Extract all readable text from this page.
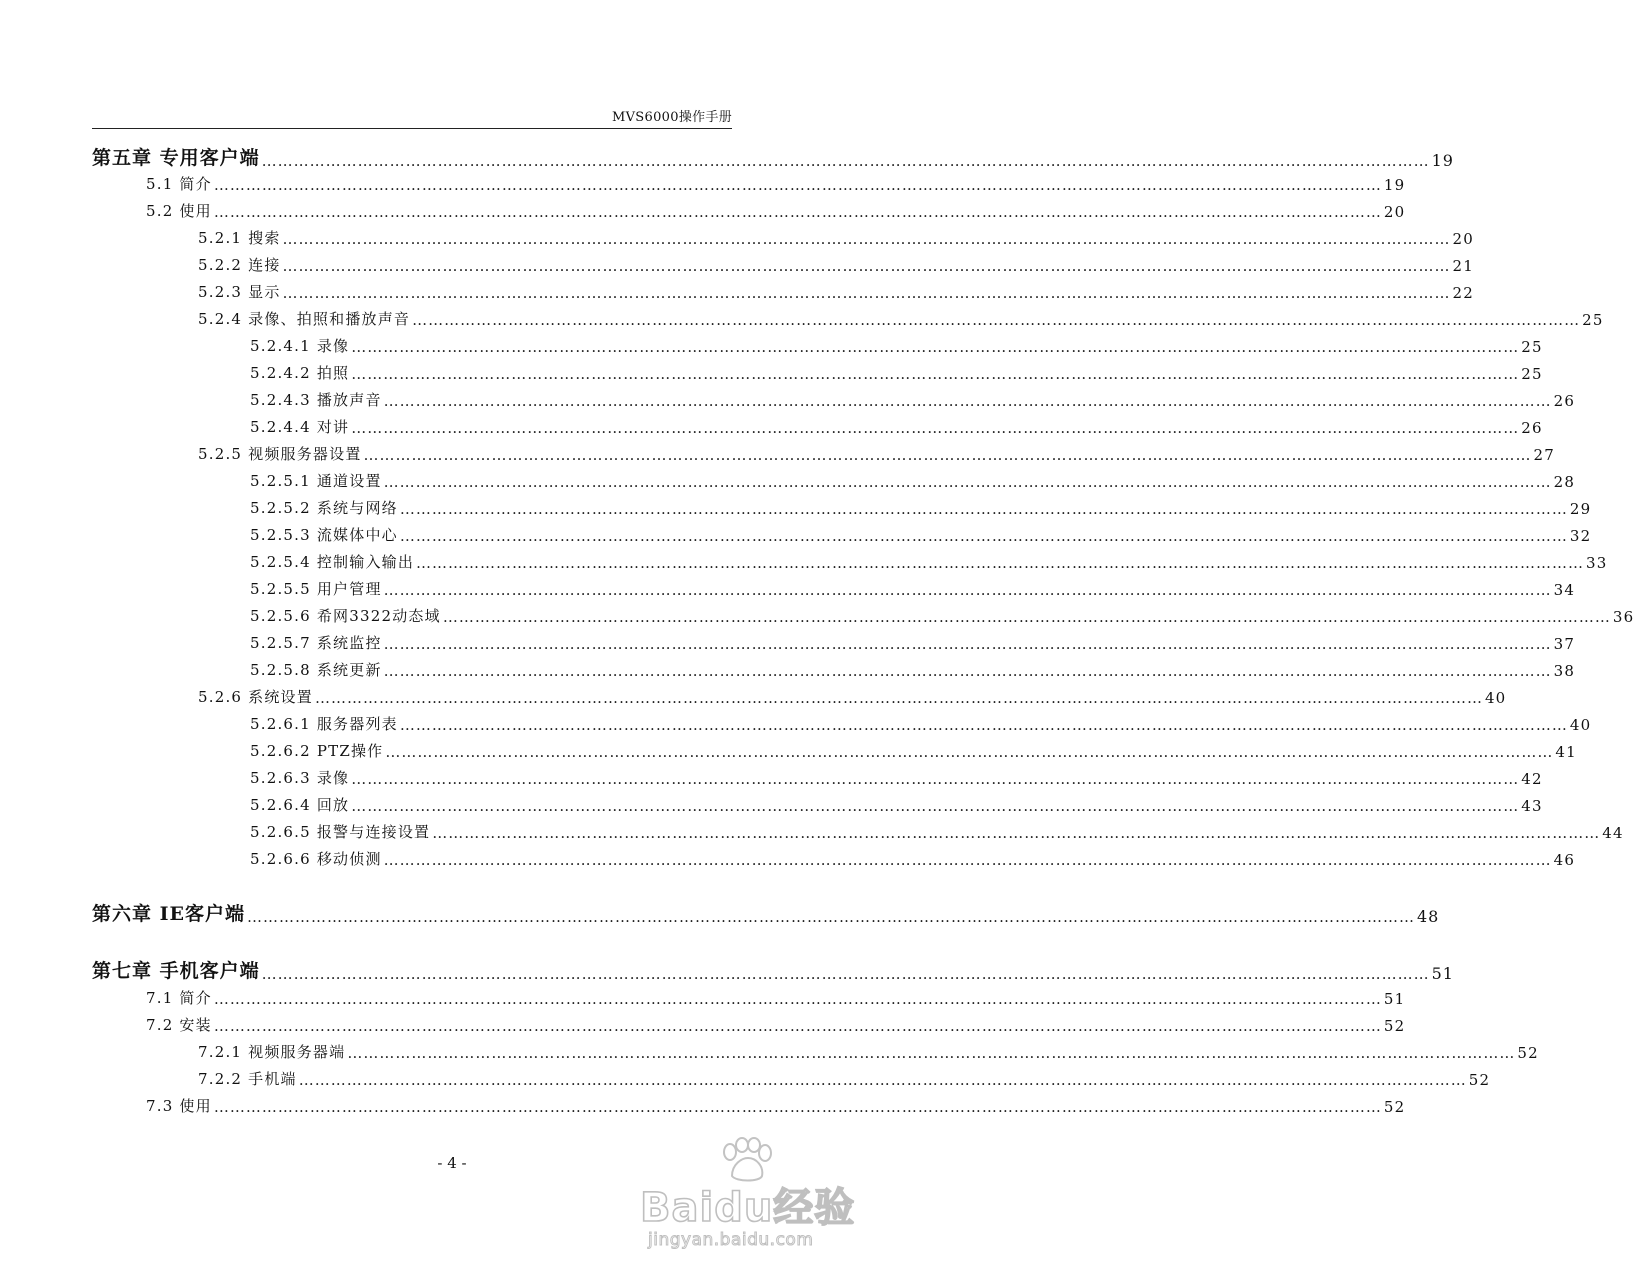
MVS6000操作手册
第五章 专用客户端 ………………………………………………………………………………………………………………………………………………………………………………………………… 19
5.1 简介 ………………………………………………………………………………………………………………………………………………………………………………………………… 19
5.2 使用 ………………………………………………………………………………………………………………………………………………………………………………………………… 20
5.2.1 搜索 ………………………………………………………………………………………………………………………………………………………………………………………………… 20
5.2.2 连接 ………………………………………………………………………………………………………………………………………………………………………………………………… 21
5.2.3 显示 ………………………………………………………………………………………………………………………………………………………………………………………………… 22
5.2.4 录像、拍照和播放声音 ………………………………………………………………………………………………………………………………………………………………………………………………… 25
5.2.4.1 录像 ………………………………………………………………………………………………………………………………………………………………………………………………… 25
5.2.4.2 拍照 ………………………………………………………………………………………………………………………………………………………………………………………………… 25
5.2.4.3 播放声音 ………………………………………………………………………………………………………………………………………………………………………………………………… 26
5.2.4.4 对讲 ………………………………………………………………………………………………………………………………………………………………………………………………… 26
5.2.5 视频服务器设置 ………………………………………………………………………………………………………………………………………………………………………………………………… 27
5.2.5.1 通道设置 ………………………………………………………………………………………………………………………………………………………………………………………………… 28
5.2.5.2 系统与网络 ………………………………………………………………………………………………………………………………………………………………………………………………… 29
5.2.5.3 流媒体中心 ………………………………………………………………………………………………………………………………………………………………………………………………… 32
5.2.5.4 控制输入输出 ………………………………………………………………………………………………………………………………………………………………………………………………… 33
5.2.5.5 用户管理 ………………………………………………………………………………………………………………………………………………………………………………………………… 34
5.2.5.6 希网3322动态域 ………………………………………………………………………………………………………………………………………………………………………………………………… 36
5.2.5.7 系统监控 ………………………………………………………………………………………………………………………………………………………………………………………………… 37
5.2.5.8 系统更新 ………………………………………………………………………………………………………………………………………………………………………………………………… 38
5.2.6 系统设置 ………………………………………………………………………………………………………………………………………………………………………………………………… 40
5.2.6.1 服务器列表 ………………………………………………………………………………………………………………………………………………………………………………………………… 40
5.2.6.2 PTZ操作 ………………………………………………………………………………………………………………………………………………………………………………………………… 41
5.2.6.3 录像 ………………………………………………………………………………………………………………………………………………………………………………………………… 42
5.2.6.4 回放 ………………………………………………………………………………………………………………………………………………………………………………………………… 43
5.2.6.5 报警与连接设置 ………………………………………………………………………………………………………………………………………………………………………………………………… 44
5.2.6.6 移动侦测 ………………………………………………………………………………………………………………………………………………………………………………………………… 46
第六章 IE客户端 ………………………………………………………………………………………………………………………………………………………………………………………………… 48
第七章 手机客户端 ………………………………………………………………………………………………………………………………………………………………………………………………… 51
7.1 简介 ………………………………………………………………………………………………………………………………………………………………………………………………… 51
7.2 安装 ………………………………………………………………………………………………………………………………………………………………………………………………… 52
7.2.1 视频服务器端 ………………………………………………………………………………………………………………………………………………………………………………………………… 52
7.2.2 手机端 ………………………………………………………………………………………………………………………………………………………………………………………………… 52
7.3 使用 ………………………………………………………………………………………………………………………………………………………………………………………………… 52
- 4 -
Baidu经验
jingyan.baidu.com
